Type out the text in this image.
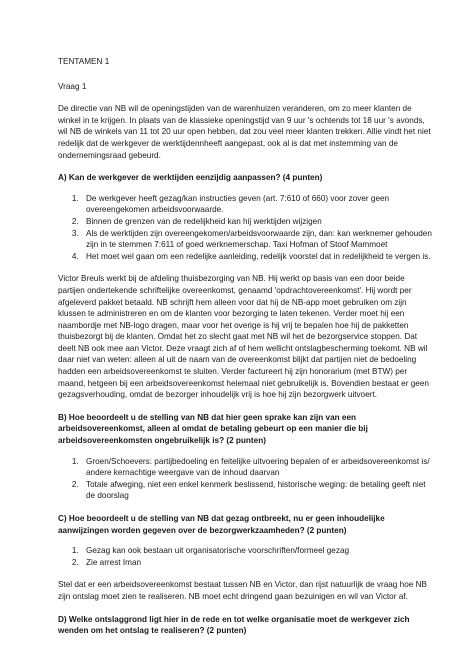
TENTAMEN 1

Vraag 1

De directie van NB wil de openingstijden van de warenhuizen veranderen, om zo meer klanten de winkel in te krijgen. In plaats van de klassieke openingstijd van 9 uur 's ochtends tot 18 uur 's avonds, wil NB de winkels van 11 tot 20 uur open hebben, dat zou veel meer klanten trekken. Allie vindt het niet redelijk dat de werkgever de werktijdennheeft aangepast, ook al is dat met instemming van de ondernemingsraad gebeurd.

A) Kan de werkgever de werktijden eenzijdig aanpassen? (4 punten)

1. De werkgever heeft gezag/kan instructies geven (art. 7:610 of 660) voor zover geen overeengekomen arbeidsvoorwaarde.
2. Binnen de grenzen van de redelijkheid kan hij werktijden wijzigen
3. Als de werktijden zijn overeengekomen/arbeidsvoorwaarde zijn, dan: kan werknemer gehouden zijn in te stemmen 7:611 of goed werknemerschap. Taxi Hofman of Stoof Mammoet
4. Het moet wel gaan om een redelijke aanleiding, redelijk voorstel dat in redelijkheid te vergen is.

Victor Breuls werkt bij de afdeling thuisbezorging van NB. Hij werkt op basis van een door beide partijen ondertekende schriftelijke overeenkomst, genaamd 'opdrachtovereenkomst'. Hij wordt per afgeleverd pakket betaald. NB schrijft hem alleen voor dat hij de NB-app moet gebruiken om zijn klussen te administreren en om de klanten voor bezorging te laten tekenen. Verder moet hij een naambordje met NB-logo dragen, maar voor het overige is hij vrij te bepalen hoe hij de pakketten thuisbezorgt bij de klanten. Omdat het zo slecht gaat met NB wil het de bezorgservice stoppen. Dat deelt NB ook mee aan Victor. Deze vraagt zich af of hem wellicht ontslagbescherming toekomt. NB wil daar niet van weten: alleen al uit de naam van de overeenkomst blijkt dat partijen niet de bedoeling hadden een arbeidsovereenkomst te sluiten. Verder factureert hij zijn honorarium (met BTW) per maand, hetgeen bij een arbeidsovereenkomst helemaal niet gebruikelijk is. Bovendien bestaat er geen gezagsverhouding, omdat de bezorger inhoudelijk vrij is hoe hij zijn bezorgwerk uitvoert.

B) Hoe beoordeelt u de stelling van NB dat hier geen sprake kan zijn van een arbeidsovereenkomst, alleen al omdat de betaling gebeurt op een manier die bij arbeidsovereenkomsten ongebruikelijk is? (2 punten)

1. Groen/Schoevers: partijbedoeling en feitelijke uitvoering bepalen of er arbeidsovereenkomst is/ andere kernachtige weergave van de inhoud daarvan
2. Totale afweging, niet een enkel kenmerk beslissend, historische weging: de betaling geeft niet de doorslag

C) Hoe beoordeelt u de stelling van NB dat gezag ontbreekt, nu er geen inhoudelijke aanwijzingen worden gegeven over de bezorgwerkzaamheden? (2 punten)

1. Gezag kan ook bestaan uit organisatorische voorschriften/formeel gezag
2. Zie arrest Iman

Stel dat er een arbeidsovereenkomst bestaat tussen NB en Victor, dan rijst natuurlijk de vraag hoe NB zijn ontslag moet zien te realiseren. NB moet echt dringend gaan bezuinigen en wil van Victor af.

D) Welke ontslaggrond ligt hier in de rede en tot welke organisatie moet de werkgever zich wenden om het ontslag te realiseren? (2 punten)
